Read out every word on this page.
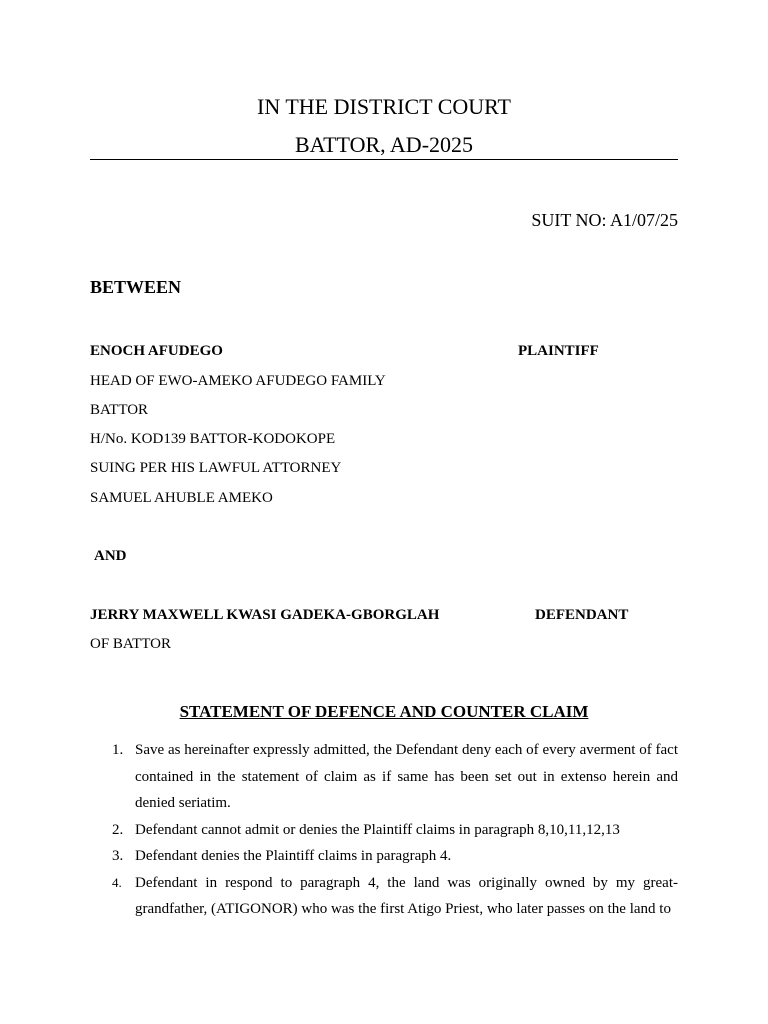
IN THE DISTRICT COURT
BATTOR, AD-2025
SUIT NO: A1/07/25
BETWEEN
ENOCH AFUDEGO	PLAINTIFF
HEAD OF EWO-AMEKO AFUDEGO FAMILY
BATTOR
H/No. KOD139 BATTOR-KODOKOPE
SUING PER HIS LAWFUL ATTORNEY
SAMUEL AHUBLE AMEKO
AND
JERRY MAXWELL KWASI GADEKA-GBORGLAH	DEFENDANT
OF BATTOR
STATEMENT OF DEFENCE AND COUNTER CLAIM
1. Save as hereinafter expressly admitted, the Defendant deny each of every averment of fact contained in the statement of claim as if same has been set out in extenso herein and denied seriatim.
2. Defendant cannot admit or denies the Plaintiff claims in paragraph 8,10,11,12,13
3. Defendant denies the Plaintiff claims in paragraph 4.
4. Defendant in respond to paragraph 4, the land was originally owned by my great-grandfather, (ATIGONOR) who was the first Atigo Priest, who later passes on the land to
